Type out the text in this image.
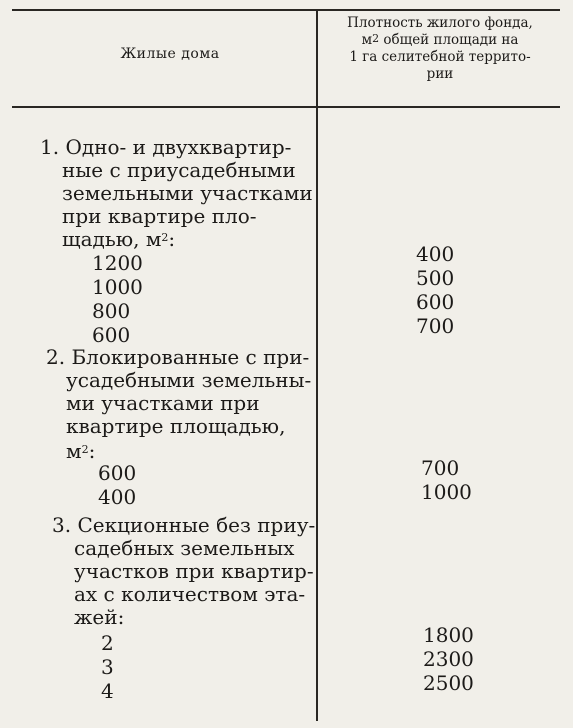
Жилые дома
Плотность жилого фонда,
$м^2$ общей площади на
1 га селитебной террито-
рии
1. Одно- и двухквартир-
ные с приусадебными
земельными участками
при квартире пло-
щадью, $м^2$:
1200
1000
800
600
400
500
600
700
2. Блокированные с при-
усадебными земельны-
ми участками при
квартире площадью,
$м^2$:
600
400
700
1000
3. Секционные без приу-
садебных земельных
участков при квартир-
ах с количеством эта-
жей:
2
3
4
1800
2300
2500
